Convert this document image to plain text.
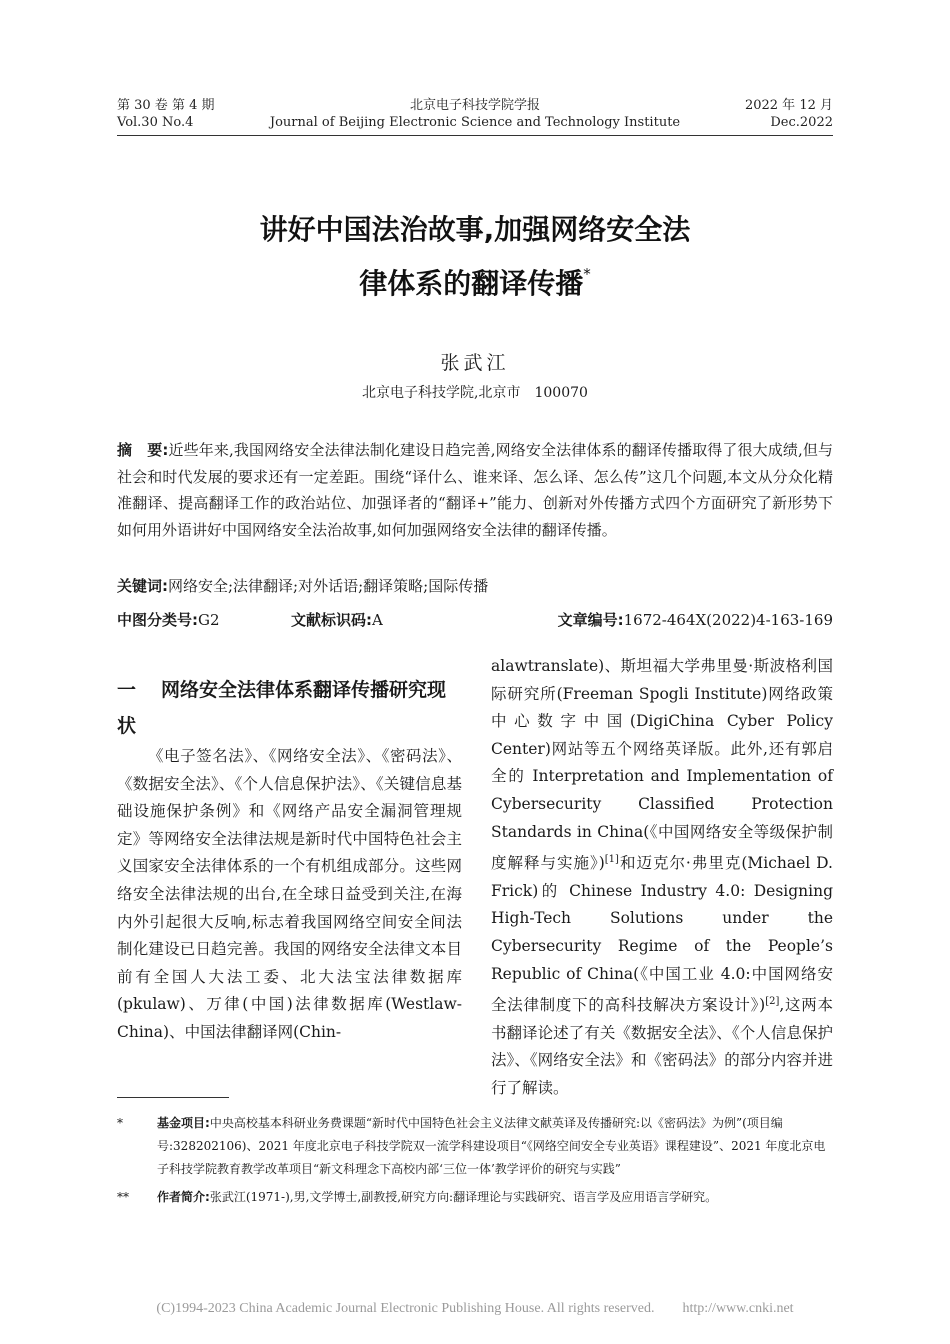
第 30 卷 第 4 期
Vol.30 No.4
北京电子科技学院学报
Journal of Beijing Electronic Science and Technology Institute
2022 年 12 月
Dec.2022
讲好中国法治故事,加强网络安全法
律体系的翻译传播*
张武江
北京电子科技学院,北京市　100070
摘　要:近些年来,我国网络安全法律法制化建设日趋完善,网络安全法律体系的翻译传播取得了很大成绩,但与社会和时代发展的要求还有一定差距。围绕“译什么、谁来译、怎么译、怎么传”这几个问题,本文从分众化精准翻译、提高翻译工作的政治站位、加强译者的“翻译+”能力、创新对外传播方式四个方面研究了新形势下如何用外语讲好中国网络安全法治故事,如何加强网络安全法律的翻译传播。
关键词:网络安全;法律翻译;对外话语;翻译策略;国际传播
中图分类号:G2	文献标识码:A	文章编号:1672-464X(2022)4-163-169
一 网络安全法律体系翻译传播研究现状

《电子签名法》、《网络安全法》、《密码法》、《数据安全法》、《个人信息保护法》、《关键信息基础设施保护条例》和《网络产品安全漏洞管理规定》等网络安全法律法规是新时代中国特色社会主义国家安全法律体系的一个有机组成部分。这些网络安全法律法规的出台,在全球日益受到关注,在海内外引起很大反响,标志着我国网络空间安全间法制化建设已日趋完善。我国的网络安全法律文本目前有全国人大法工委、北大法宝法律数据库(pkulaw)、万律(中国)法律数据库(Westlaw-China)、中国法律翻译网(Chin-

alawtranslate)、斯坦福大学弗里曼·斯波格利国际研究所(Freeman Spogli Institute)网络政策中心数字中国(DigiChina Cyber Policy Center)网站等五个网络英译版。此外,还有郭启全的 Interpretation and Implementation of Cybersecurity Classified Protection Standards in China(《中国网络安全等级保护制度解释与实施》)[1]和迈克尔·弗里克(Michael D. Frick)的 Chinese Industry 4.0: Designing High-Tech Solutions under the Cybersecurity Regime of the People’s Republic of China(《中国工业 4.0:中国网络安全法律制度下的高科技解决方案设计》)[2],这两本书翻译论述了有关《数据安全法》、《个人信息保护法》、《网络安全法》和《密码法》的部分内容并进行了解读。

*	基金项目:中央高校基本科研业务费课题“新时代中国特色社会主义法律文献英译及传播研究:以《密码法》为例”(项目编号:328202106)、2021 年度北京电子科技学院双一流学科建设项目“《网络空间安全专业英语》课程建设”、2021 年度北京电子科技学院教育教学改革项目“新文科理念下高校内部‘三位一体’教学评价的研究与实践”
** 作者简介:张武江(1971-),男,文学博士,副教授,研究方向:翻译理论与实践研究、语言学及应用语言学研究。
(C)1994-2023 China Academic Journal Electronic Publishing House. All rights reserved.　　http://www.cnki.net
